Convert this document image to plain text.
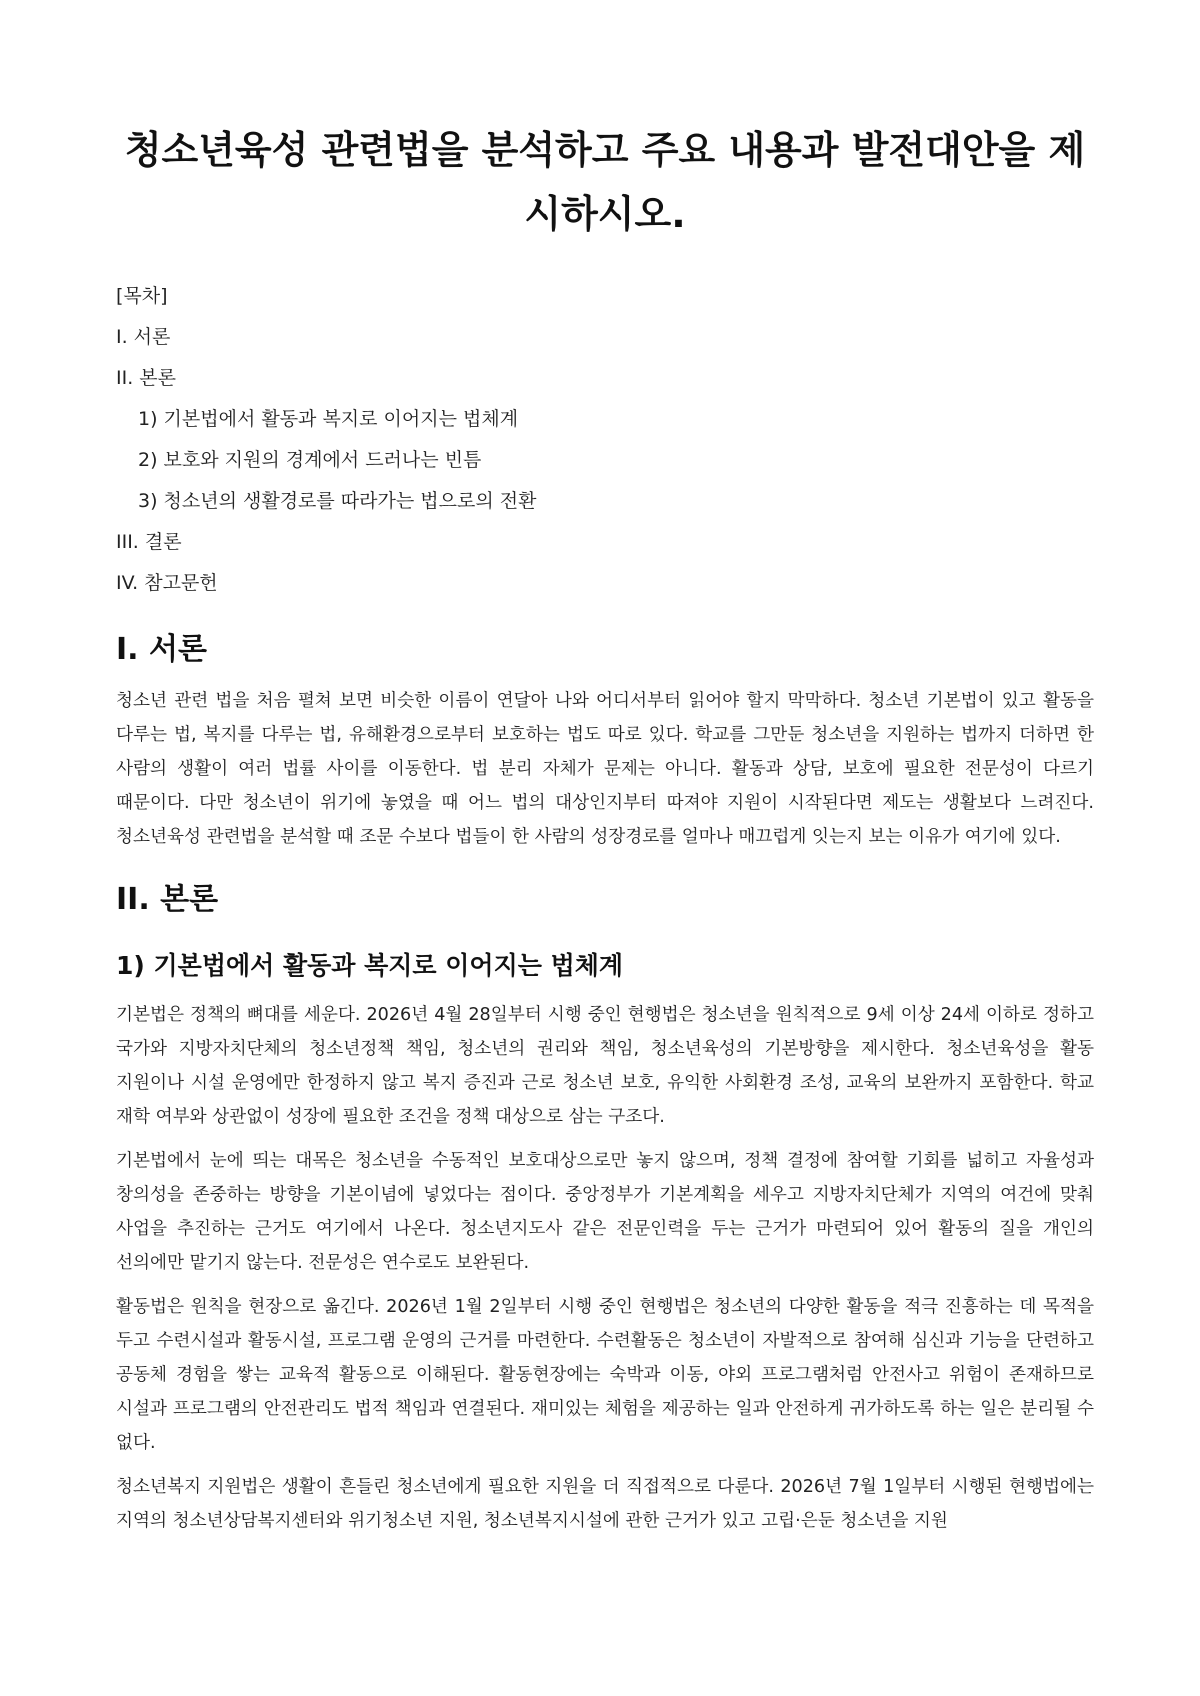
청소년육성 관련법을 분석하고 주요 내용과 발전대안을 제시하시오.
[목차]
I. 서론
II. 본론
1) 기본법에서 활동과 복지로 이어지는 법체계
2) 보호와 지원의 경계에서 드러나는 빈틈
3) 청소년의 생활경로를 따라가는 법으로의 전환
III. 결론
IV. 참고문헌
I. 서론

청소년 관련 법을 처음 펼쳐 보면 비슷한 이름이 연달아 나와 어디서부터 읽어야 할지 막막하다. 청소년 기본법이 있고 활동을 다루는 법, 복지를 다루는 법, 유해환경으로부터 보호하는 법도 따로 있다. 학교를 그만둔 청소년을 지원하는 법까지 더하면 한 사람의 생활이 여러 법률 사이를 이동한다. 법 분리 자체가 문제는 아니다. 활동과 상담, 보호에 필요한 전문성이 다르기 때문이다. 다만 청소년이 위기에 놓였을 때 어느 법의 대상인지부터 따져야 지원이 시작된다면 제도는 생활보다 느려진다. 청소년육성 관련법을 분석할 때 조문 수보다 법들이 한 사람의 성장경로를 얼마나 매끄럽게 잇는지 보는 이유가 여기에 있다.

II. 본론
1) 기본법에서 활동과 복지로 이어지는 법체계

기본법은 정책의 뼈대를 세운다. 2026년 4월 28일부터 시행 중인 현행법은 청소년을 원칙적으로 9세 이상 24세 이하로 정하고 국가와 지방자치단체의 청소년정책 책임, 청소년의 권리와 책임, 청소년육성의 기본방향을 제시한다. 청소년육성을 활동 지원이나 시설 운영에만 한정하지 않고 복지 증진과 근로 청소년 보호, 유익한 사회환경 조성, 교육의 보완까지 포함한다. 학교 재학 여부와 상관없이 성장에 필요한 조건을 정책 대상으로 삼는 구조다.

기본법에서 눈에 띄는 대목은 청소년을 수동적인 보호대상으로만 놓지 않으며, 정책 결정에 참여할 기회를 넓히고 자율성과 창의성을 존중하는 방향을 기본이념에 넣었다는 점이다. 중앙정부가 기본계획을 세우고 지방자치단체가 지역의 여건에 맞춰 사업을 추진하는 근거도 여기에서 나온다. 청소년지도사 같은 전문인력을 두는 근거가 마련되어 있어 활동의 질을 개인의 선의에만 맡기지 않는다. 전문성은 연수로도 보완된다.

활동법은 원칙을 현장으로 옮긴다. 2026년 1월 2일부터 시행 중인 현행법은 청소년의 다양한 활동을 적극 진흥하는 데 목적을 두고 수련시설과 활동시설, 프로그램 운영의 근거를 마련한다. 수련활동은 청소년이 자발적으로 참여해 심신과 기능을 단련하고 공동체 경험을 쌓는 교육적 활동으로 이해된다. 활동현장에는 숙박과 이동, 야외 프로그램처럼 안전사고 위험이 존재하므로 시설과 프로그램의 안전관리도 법적 책임과 연결된다. 재미있는 체험을 제공하는 일과 안전하게 귀가하도록 하는 일은 분리될 수 없다.

청소년복지 지원법은 생활이 흔들린 청소년에게 필요한 지원을 더 직접적으로 다룬다. 2026년 7월 1일부터 시행된 현행법에는 지역의 청소년상담복지센터와 위기청소년 지원, 청소년복지시설에 관한 근거가 있고 고립·은둔 청소년을 지원
